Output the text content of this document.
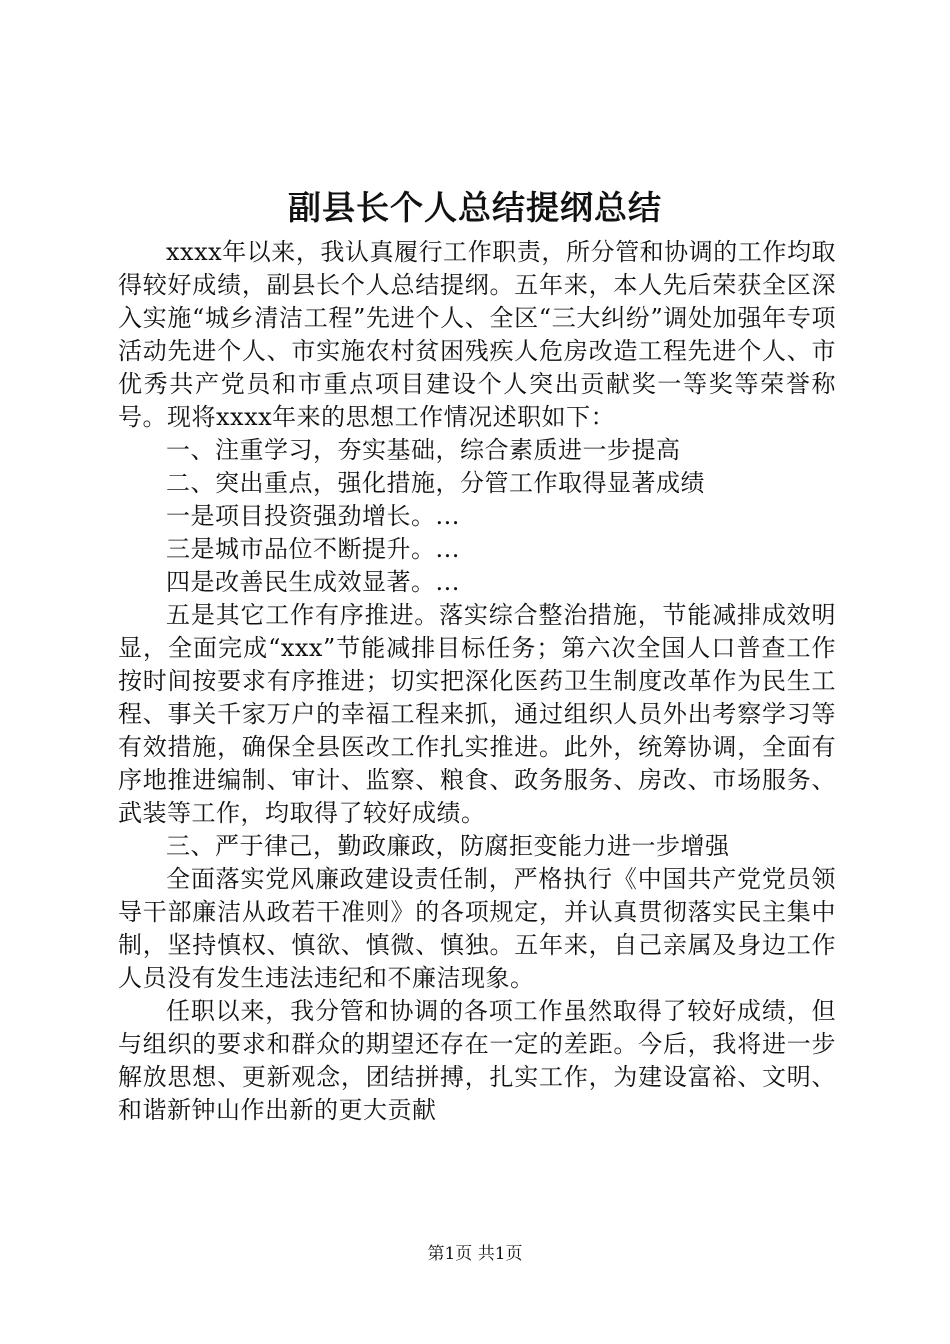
副县长个人总结提纲总结

xxxx年以来，我认真履行工作职责，所分管和协调的工作均取得较好成绩，副县长个人总结提纲。五年来，本人先后荣获全区深入实施“城乡清洁工程”先进个人、全区“三大纠纷”调处加强年专项活动先进个人、市实施农村贫困残疾人危房改造工程先进个人、市优秀共产党员和市重点项目建设个人突出贡献奖一等奖等荣誉称号。现将xxxx年来的思想工作情况述职如下：

一、注重学习，夯实基础，综合素质进一步提高

二、突出重点，强化措施，分管工作取得显著成绩

一是项目投资强劲增长。...

三是城市品位不断提升。...

四是改善民生成效显著。...

五是其它工作有序推进。落实综合整治措施，节能减排成效明显，全面完成“xxx”节能减排目标任务；第六次全国人口普查工作按时间按要求有序推进；切实把深化医药卫生制度改革作为民生工程、事关千家万户的幸福工程来抓，通过组织人员外出考察学习等有效措施，确保全县医改工作扎实推进。此外，统筹协调，全面有序地推进编制、审计、监察、粮食、政务服务、房改、市场服务、武装等工作，均取得了较好成绩。

三、严于律己，勤政廉政，防腐拒变能力进一步增强

全面落实党风廉政建设责任制，严格执行《中国共产党党员领导干部廉洁从政若干准则》的各项规定，并认真贯彻落实民主集中制，坚持慎权、慎欲、慎微、慎独。五年来，自己亲属及身边工作人员没有发生违法违纪和不廉洁现象。

任职以来，我分管和协调的各项工作虽然取得了较好成绩，但与组织的要求和群众的期望还存在一定的差距。今后，我将进一步解放思想、更新观念，团结拼搏，扎实工作，为建设富裕、文明、和谐新钟山作出新的更大贡献

第1页 共1页
